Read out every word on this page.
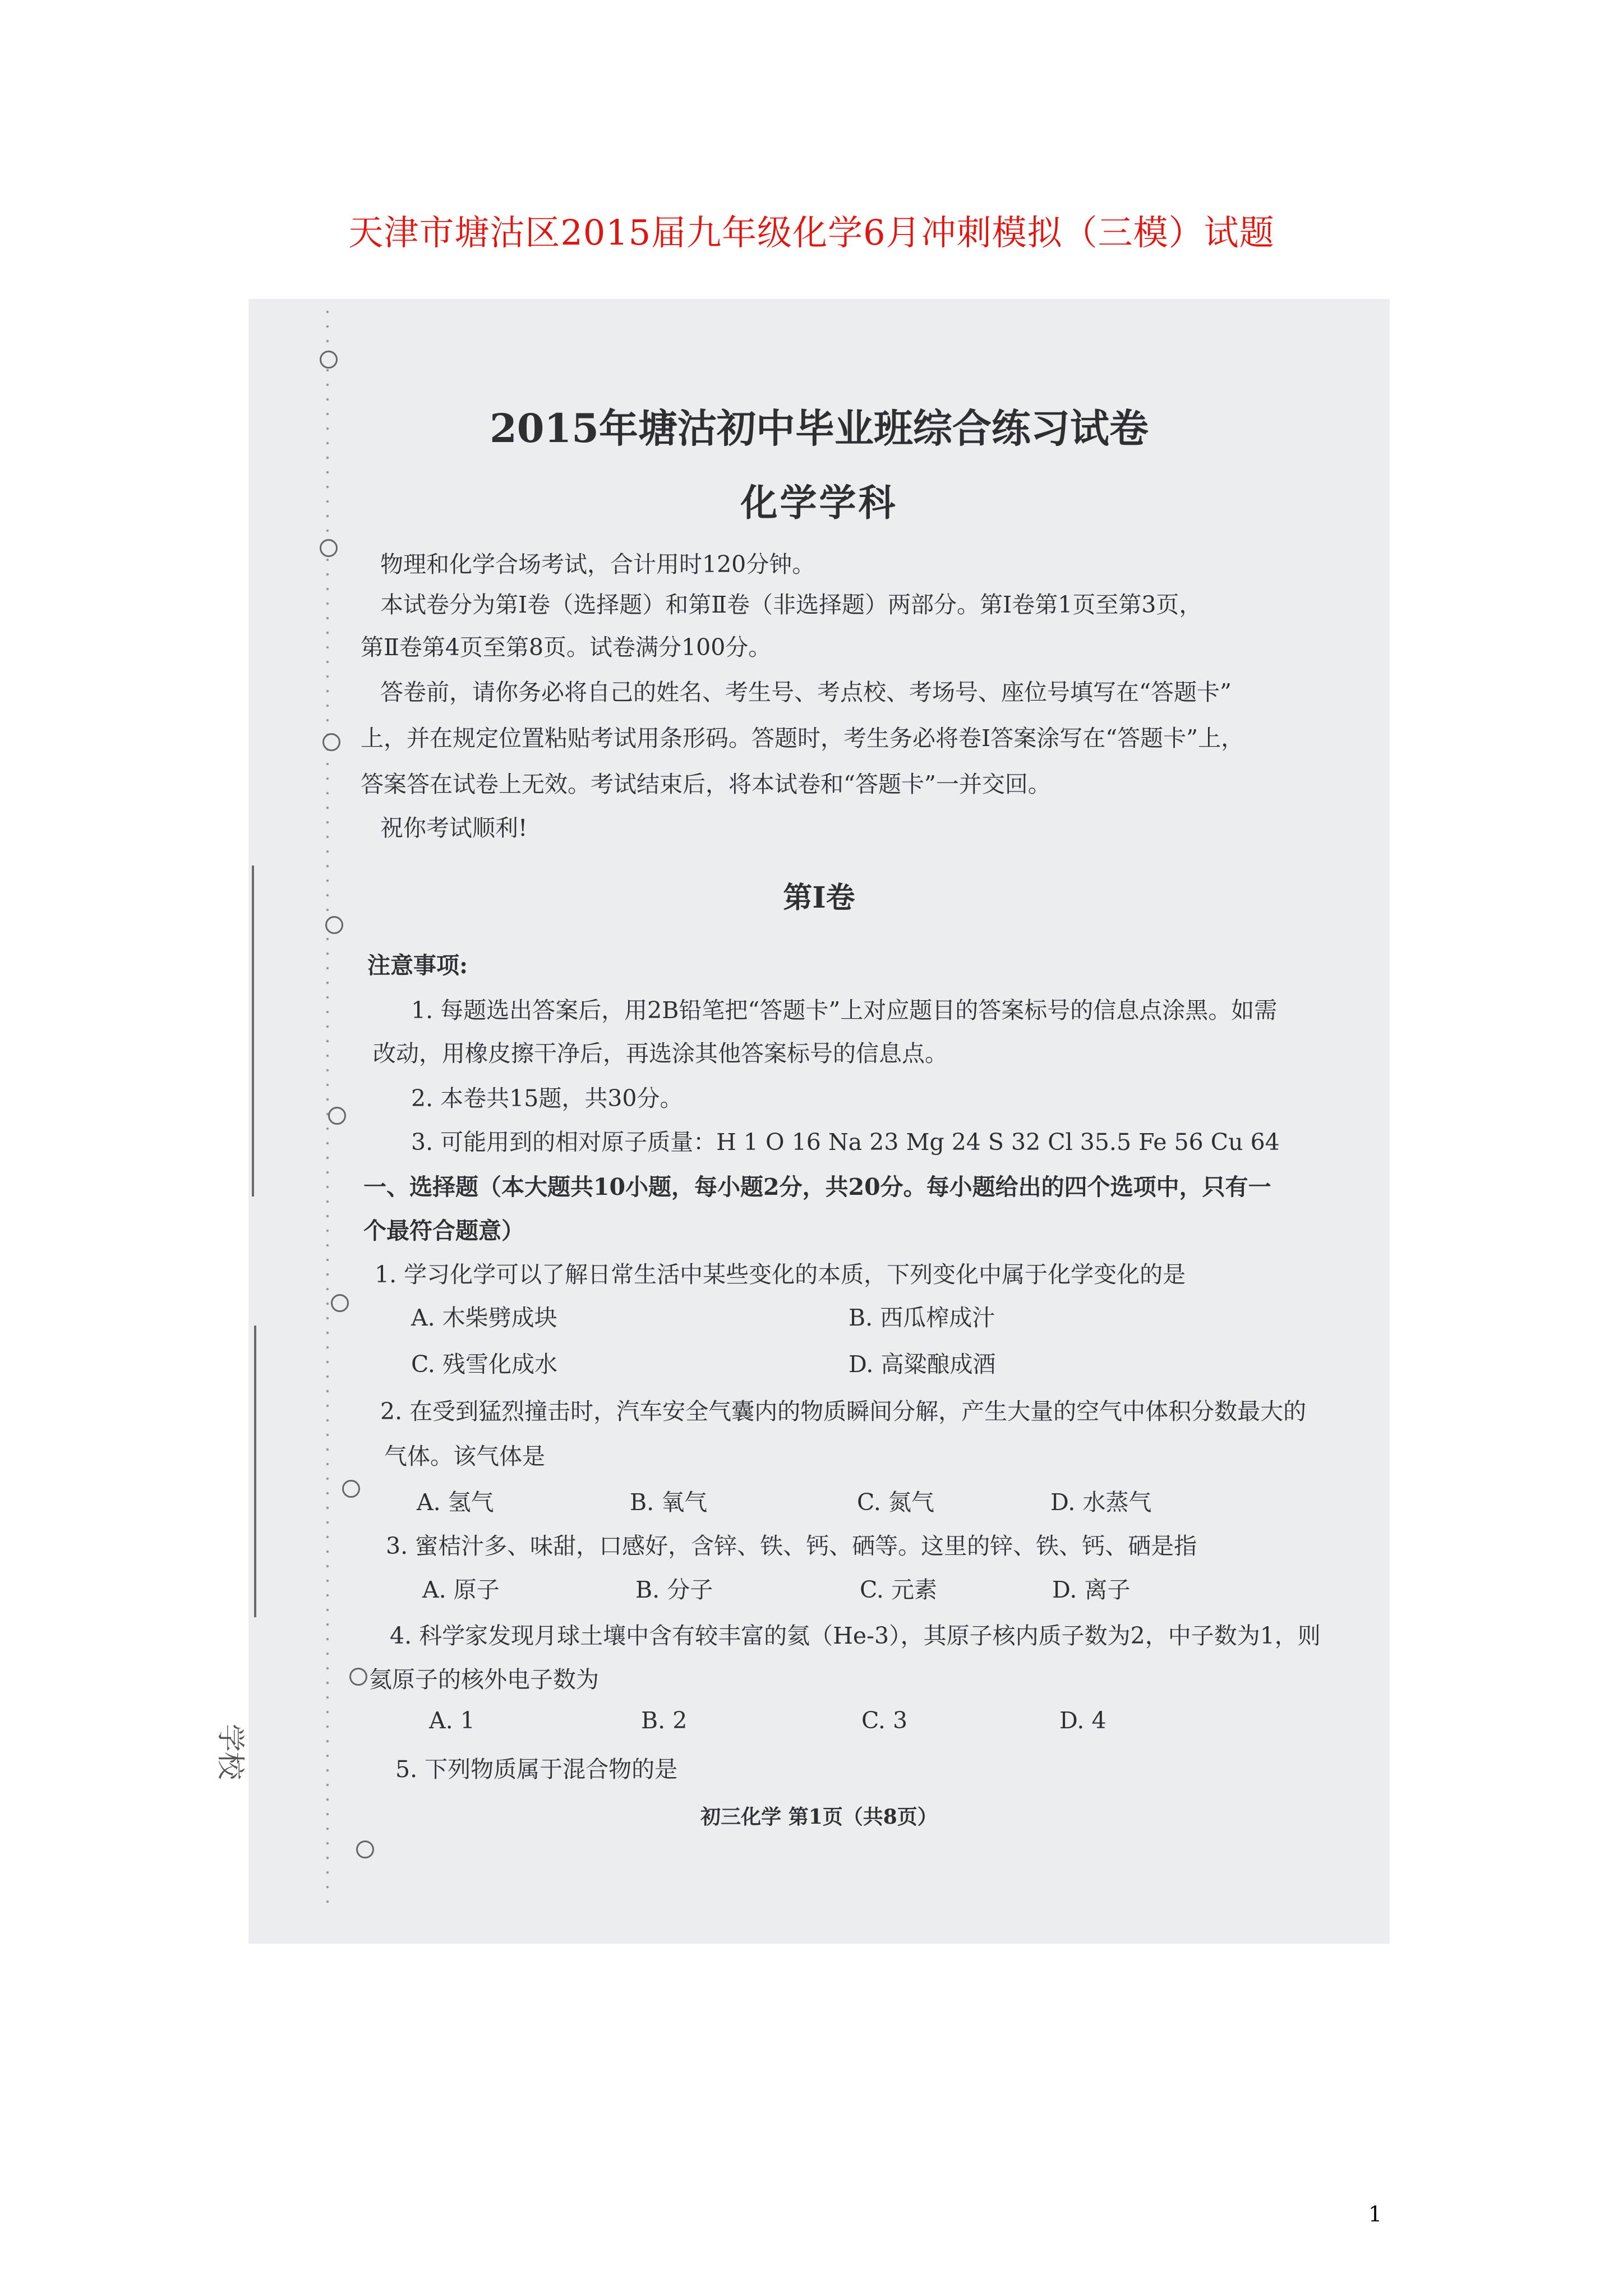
天津市塘沽区2015届九年级化学6月冲刺模拟（三模）试题
学校
2015年塘沽初中毕业班综合练习试卷
化学学科
物理和化学合场考试，合计用时120分钟。
本试卷分为第Ⅰ卷（选择题）和第Ⅱ卷（非选择题）两部分。第Ⅰ卷第1页至第3页，
第Ⅱ卷第4页至第8页。试卷满分100分。
答卷前，请你务必将自己的姓名、考生号、考点校、考场号、座位号填写在“答题卡”
上，并在规定位置粘贴考试用条形码。答题时，考生务必将卷Ⅰ答案涂写在“答题卡”上，
答案答在试卷上无效。考试结束后，将本试卷和“答题卡”一并交回。
祝你考试顺利!
第Ⅰ卷
注意事项:
1. 每题选出答案后，用2B铅笔把“答题卡”上对应题目的答案标号的信息点涂黑。如需
改动，用橡皮擦干净后，再选涂其他答案标号的信息点。
2. 本卷共15题，共30分。
3. 可能用到的相对原子质量：H 1 O 16 Na 23 Mg 24 S 32 Cl 35.5 Fe 56 Cu 64
一、选择题（本大题共10小题，每小题2分，共20分。每小题给出的四个选项中，只有一
个最符合题意）
1. 学习化学可以了解日常生活中某些变化的本质，下列变化中属于化学变化的是
A. 木柴劈成块	B. 西瓜榨成汁
C. 残雪化成水	D. 高粱酿成酒
2. 在受到猛烈撞击时，汽车安全气囊内的物质瞬间分解，产生大量的空气中体积分数最大的
气体。该气体是
A. 氢气	B. 氧气	C. 氮气	D. 水蒸气
3. 蜜桔汁多、味甜，口感好，含锌、铁、钙、硒等。这里的锌、铁、钙、硒是指
A. 原子	B. 分子	C. 元素	D. 离子
4. 科学家发现月球土壤中含有较丰富的氦（He-3），其原子核内质子数为2，中子数为1，则
氦原子的核外电子数为
A. 1	B. 2	C. 3	D. 4
5. 下列物质属于混合物的是
初三化学 第1页（共8页）
1
